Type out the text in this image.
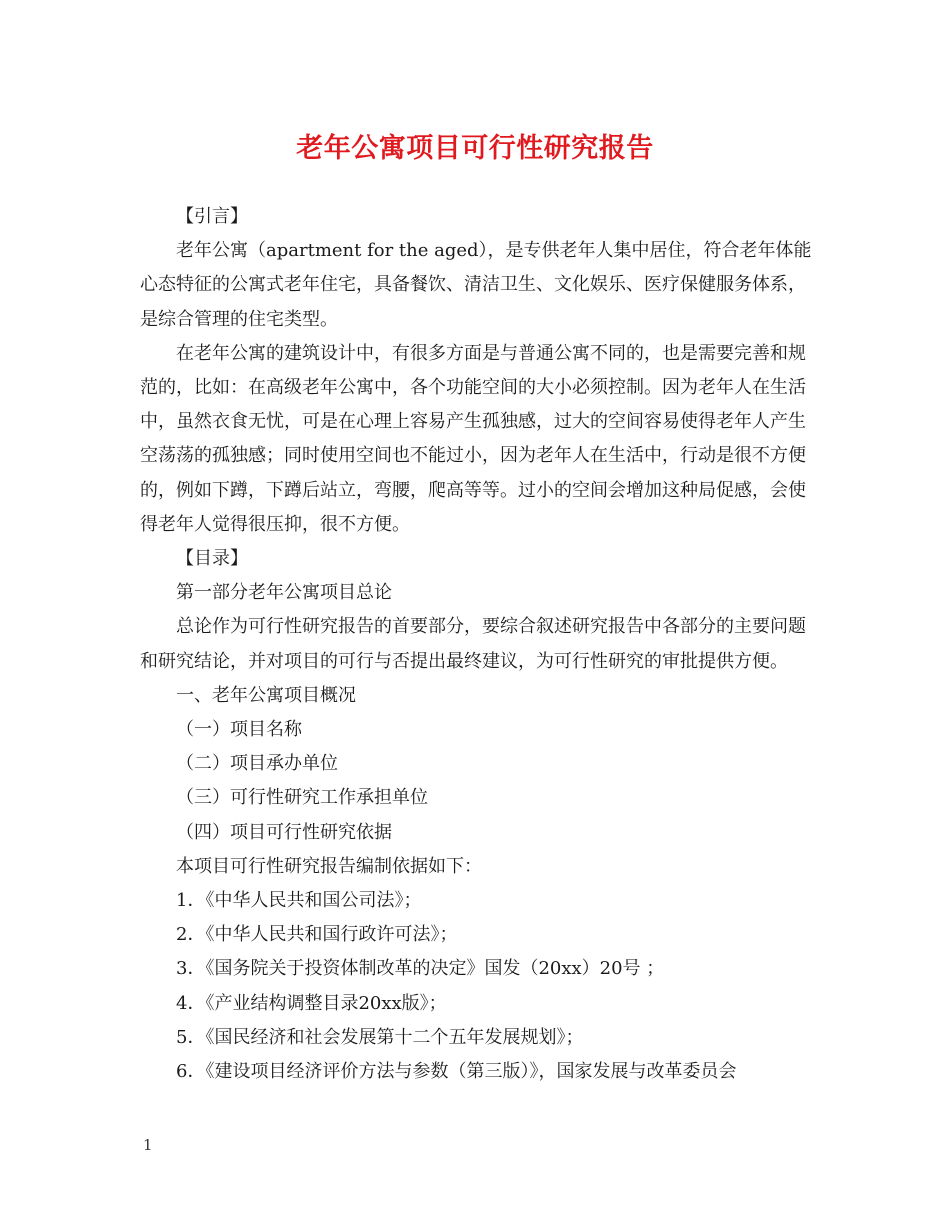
老年公寓项目可行性研究报告

【引言】

老年公寓（apartment for the aged），是专供老年人集中居住，符合老年体能心态特征的公寓式老年住宅，具备餐饮、清洁卫生、文化娱乐、医疗保健服务体系，是综合管理的住宅类型。

在老年公寓的建筑设计中，有很多方面是与普通公寓不同的，也是需要完善和规范的，比如：在高级老年公寓中，各个功能空间的大小必须控制。因为老年人在生活中，虽然衣食无忧，可是在心理上容易产生孤独感，过大的空间容易使得老年人产生空荡荡的孤独感；同时使用空间也不能过小，因为老年人在生活中，行动是很不方便的，例如下蹲，下蹲后站立，弯腰，爬高等等。过小的空间会增加这种局促感，会使得老年人觉得很压抑，很不方便。

【目录】

第一部分老年公寓项目总论

总论作为可行性研究报告的首要部分，要综合叙述研究报告中各部分的主要问题和研究结论，并对项目的可行与否提出最终建议，为可行性研究的审批提供方便。

一、老年公寓项目概况

（一）项目名称

（二）项目承办单位

（三）可行性研究工作承担单位

（四）项目可行性研究依据

本项目可行性研究报告编制依据如下：

1．《中华人民共和国公司法》；

2．《中华人民共和国行政许可法》；

3．《国务院关于投资体制改革的决定》国发（20xx）20号 ；

4．《产业结构调整目录20xx版》；

5．《国民经济和社会发展第十二个五年发展规划》；

6．《建设项目经济评价方法与参数（第三版）》，国家发展与改革委员会

1
